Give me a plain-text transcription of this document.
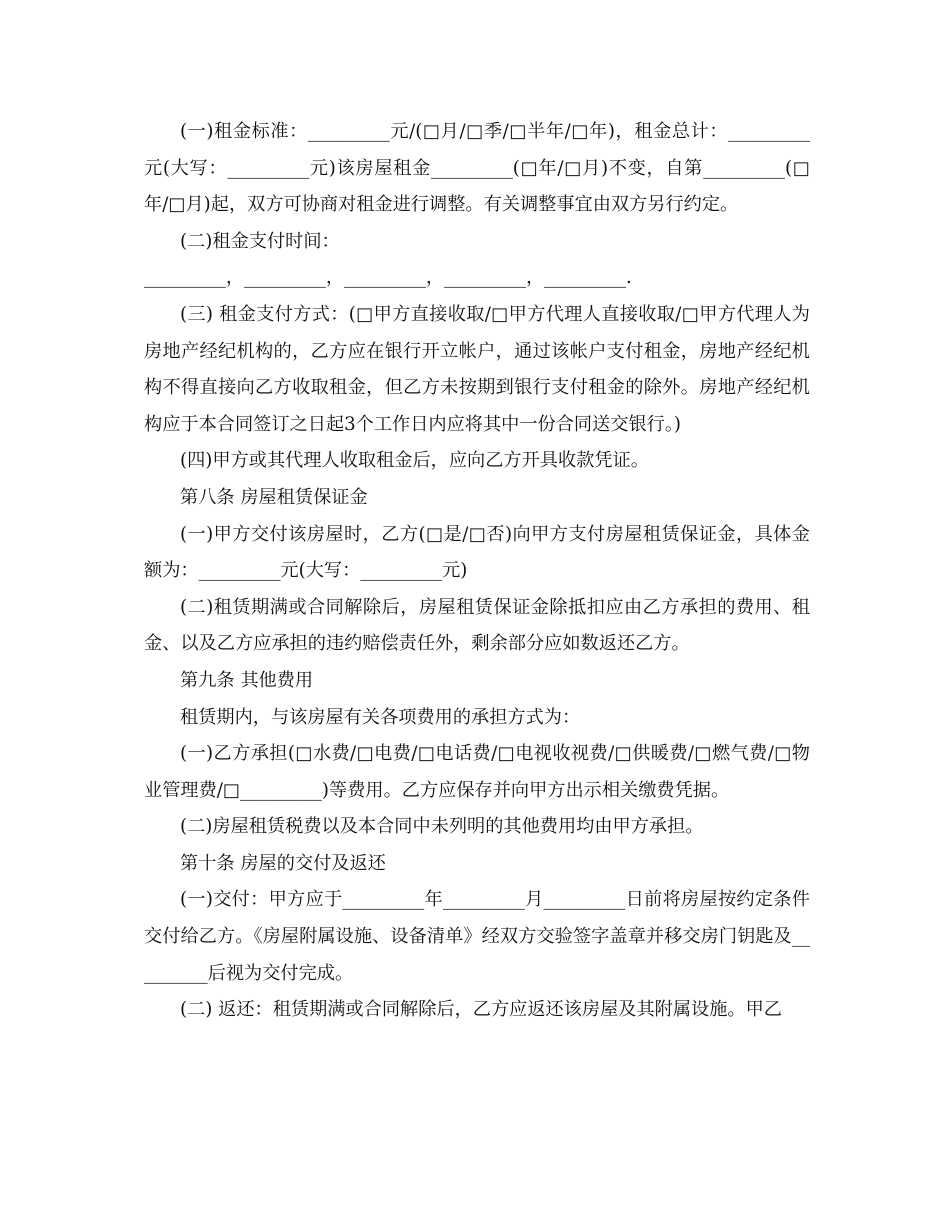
(一)租金标准：_________元/(□月/□季/□半年/□年)，租金总计：_________元(大写：_________元)该房屋租金_________(□年/□月)不变，自第_________(□年/□月)起，双方可协商对租金进行调整。有关调整事宜由双方另行约定。

(二)租金支付时间：

_________，_________，_________，_________，_________.

(三) 租金支付方式：(□甲方直接收取/□甲方代理人直接收取/□甲方代理人为房地产经纪机构的，乙方应在银行开立帐户，通过该帐户支付租金，房地产经纪机构不得直接向乙方收取租金，但乙方未按期到银行支付租金的除外。房地产经纪机构应于本合同签订之日起3个工作日内应将其中一份合同送交银行。)

(四)甲方或其代理人收取租金后，应向乙方开具收款凭证。

第八条 房屋租赁保证金

(一)甲方交付该房屋时，乙方(□是/□否)向甲方支付房屋租赁保证金，具体金额为：_________元(大写：_________元)

(二)租赁期满或合同解除后，房屋租赁保证金除抵扣应由乙方承担的费用、租金、以及乙方应承担的违约赔偿责任外，剩余部分应如数返还乙方。

第九条 其他费用

租赁期内，与该房屋有关各项费用的承担方式为：

(一)乙方承担(□水费/□电费/□电话费/□电视收视费/□供暖费/□燃气费/□物业管理费/□_________)等费用。乙方应保存并向甲方出示相关缴费凭据。

(二)房屋租赁税费以及本合同中未列明的其他费用均由甲方承担。

第十条 房屋的交付及返还

(一)交付：甲方应于_________年_________月_________日前将房屋按约定条件交付给乙方。《房屋附属设施、设备清单》经双方交验签字盖章并移交房门钥匙及_________后视为交付完成。

(二) 返还：租赁期满或合同解除后，乙方应返还该房屋及其附属设施。甲乙
